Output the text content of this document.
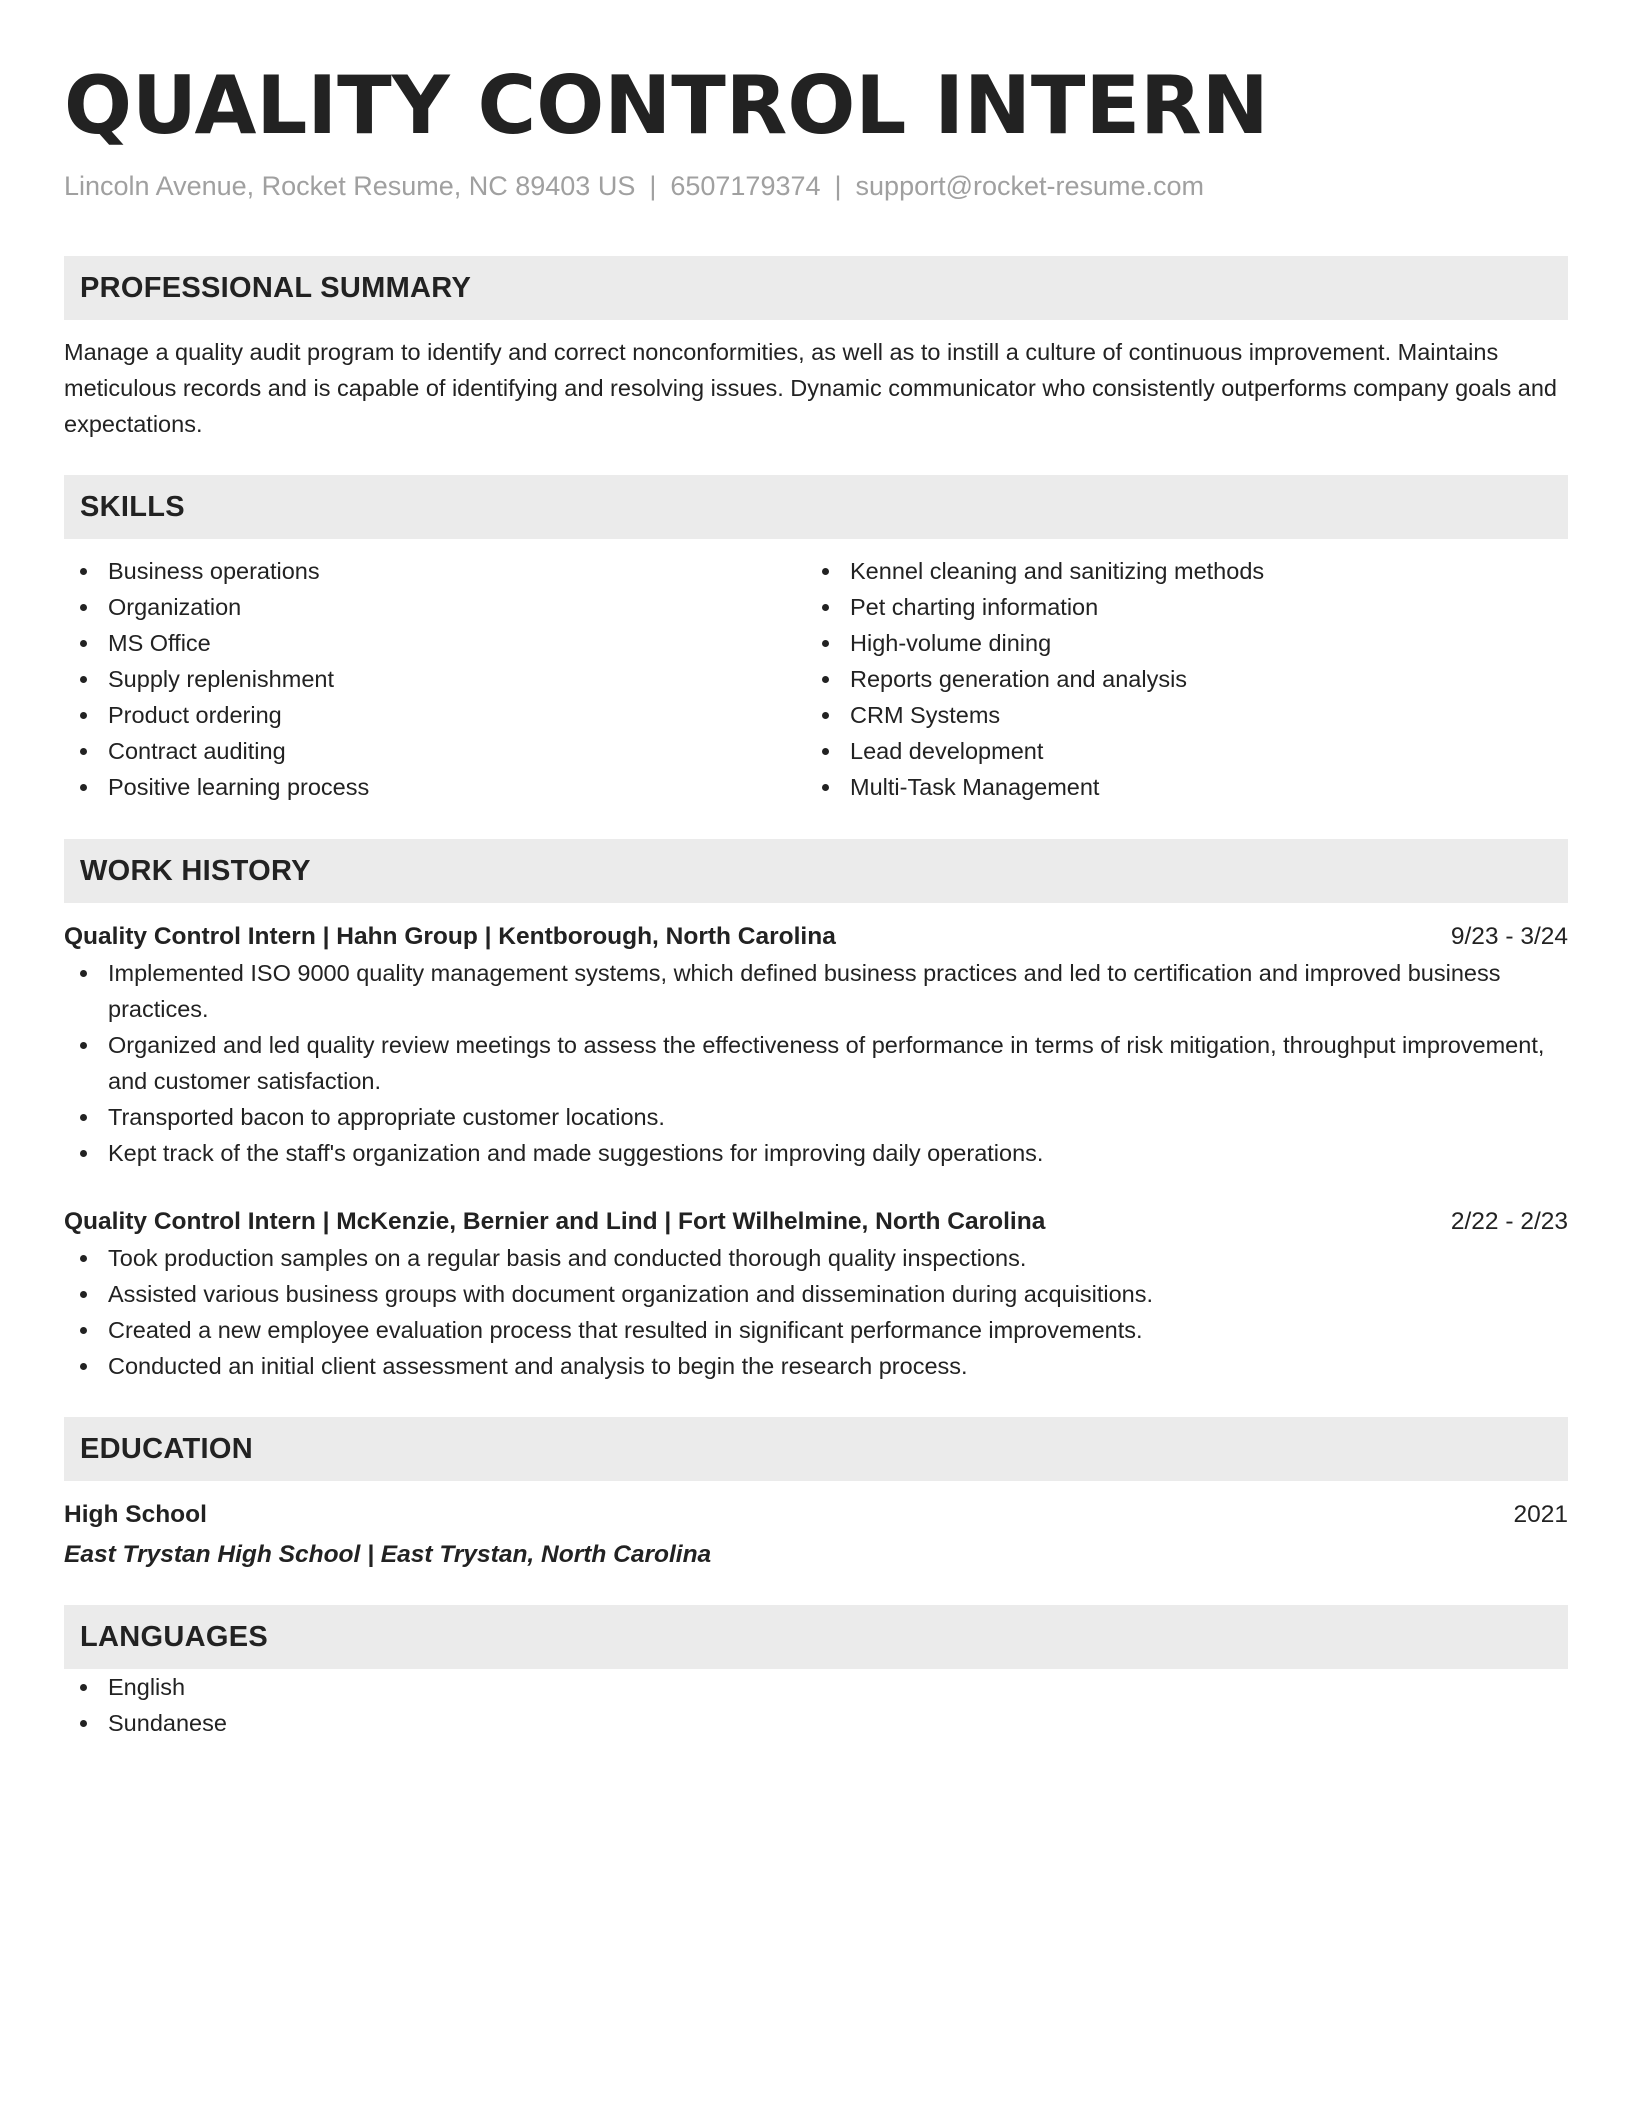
QUALITY CONTROL INTERN
Lincoln Avenue, Rocket Resume, NC 89403 US | 6507179374 | support@rocket-resume.com
PROFESSIONAL SUMMARY
Manage a quality audit program to identify and correct nonconformities, as well as to instill a culture of continuous improvement. Maintains meticulous records and is capable of identifying and resolving issues. Dynamic communicator who consistently outperforms company goals and expectations.
SKILLS
Business operations
Organization
MS Office
Supply replenishment
Product ordering
Contract auditing
Positive learning process
Kennel cleaning and sanitizing methods
Pet charting information
High-volume dining
Reports generation and analysis
CRM Systems
Lead development
Multi-Task Management
WORK HISTORY
Quality Control Intern | Hahn Group | Kentborough, North Carolina	9/23 - 3/24
Implemented ISO 9000 quality management systems, which defined business practices and led to certification and improved business practices.
Organized and led quality review meetings to assess the effectiveness of performance in terms of risk mitigation, throughput improvement, and customer satisfaction.
Transported bacon to appropriate customer locations.
Kept track of the staff's organization and made suggestions for improving daily operations.
Quality Control Intern | McKenzie, Bernier and Lind | Fort Wilhelmine, North Carolina	2/22 - 2/23
Took production samples on a regular basis and conducted thorough quality inspections.
Assisted various business groups with document organization and dissemination during acquisitions.
Created a new employee evaluation process that resulted in significant performance improvements.
Conducted an initial client assessment and analysis to begin the research process.
EDUCATION
High School	2021
East Trystan High School | East Trystan, North Carolina
LANGUAGES
English
Sundanese
